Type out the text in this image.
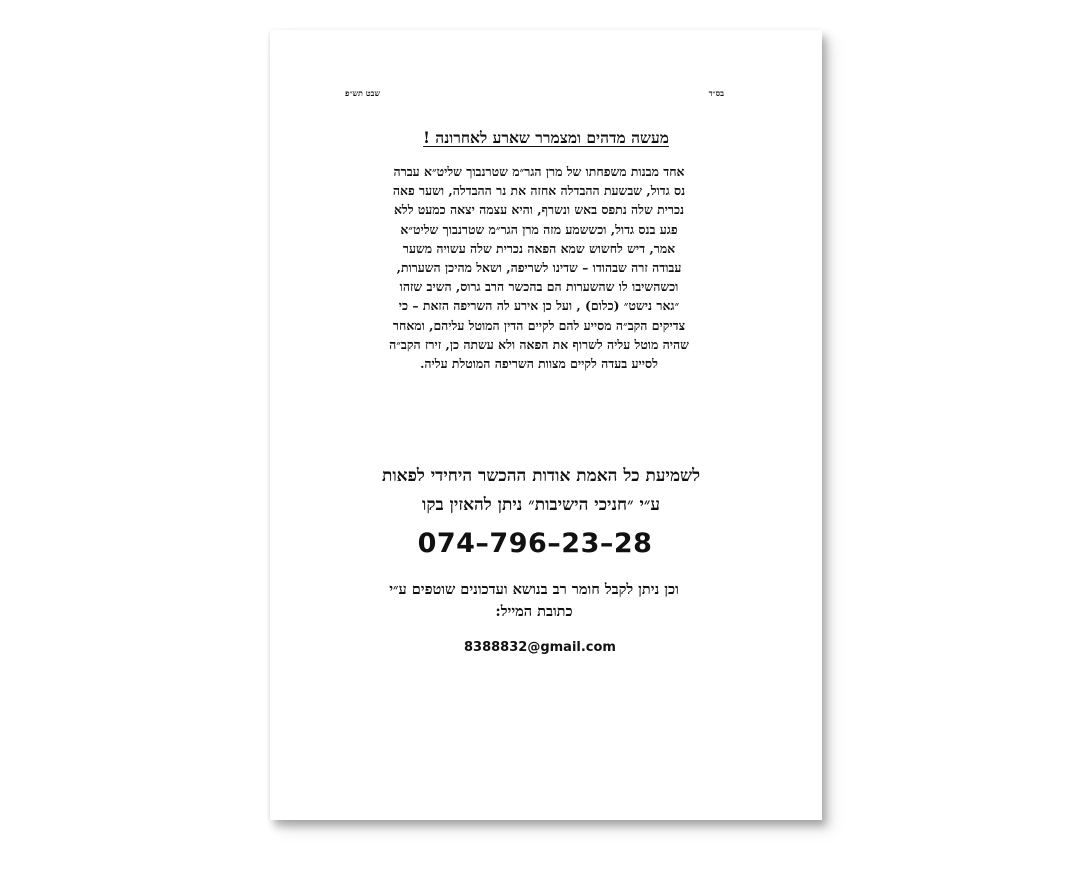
בס״ד
שבט תש״פ
מעשה מדהים ומצמרר שארע לאחרונה !

אחד מבנות משפחתו של מרן הגר״מ שטרנבוך שליט״א עברה

נס גדול, שבשעת ההבדלה אחזה את נר ההבדלה, ושער פאה

נכרית שלה נתפס באש ונשרף, והיא עצמה יצאה כמעט ללא

פגע בנס גדול, וכששמע מזה מרן הגר״מ שטרנבוך שליט״א

אמר, דיש לחשוש שמא הפאה נכרית שלה עשויה משער

עבודה זרה שבהודו – שדינו לשריפה, ושאל מהיכן השערות,

וכשהשיבו לו שהשערות הם בהכשר הרב גרוס, השיב שזהו

״גאר נישט״ (כלום) , ועל כן אירע לה השריפה הזאת – כי

צדיקים הקב״ה מסייע להם לקיים הדין המוטל עליהם, ומאחר

שהיה מוטל עליה לשרוף את הפאה ולא עשתה כן, זירז הקב״ה

לסייע בעדה לקיים מצוות השריפה המוטלת עליה.

לשמיעת כל האמת אודות ההכשר היחידי לפאות

ע״י ״חניכי הישיבות״ ניתן להאזין בקו

074–796–23–28

וכן ניתן לקבל חומר רב בנושא ועדכונים שוטפים ע״י

כתובת המייל:

8388832@gmail.com
